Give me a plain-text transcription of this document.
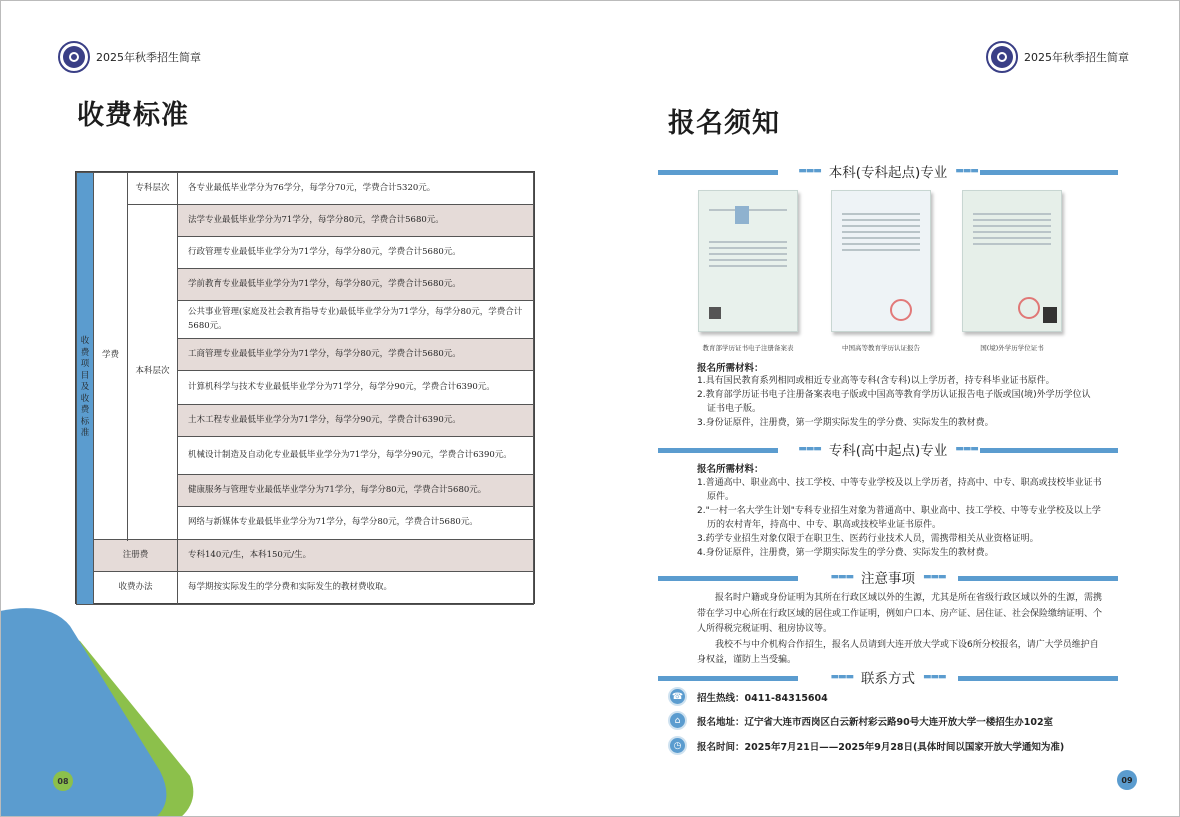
2025年秋季招生简章
收费标准
收费项目及收费标准	学费	专科层次	各专业最低毕业学分为76学分，每学分70元，学费合计5320元。
		本科层次	法学专业最低毕业学分为71学分，每学分80元，学费合计5680元。
			行政管理专业最低毕业学分为71学分，每学分80元，学费合计5680元。
			学前教育专业最低毕业学分为71学分，每学分80元，学费合计5680元。
			公共事业管理(家庭及社会教育指导专业)最低毕业学分为71学分，每学分80元，学费合计5680元。
			工商管理专业最低毕业学分为71学分，每学分80元，学费合计5680元。
			计算机科学与技术专业最低毕业学分为71学分，每学分90元，学费合计6390元。
			土木工程专业最低毕业学分为71学分，每学分90元，学费合计6390元。
			机械设计制造及自动化专业最低毕业学分为71学分，每学分90元，学费合计6390元。
			健康服务与管理专业最低毕业学分为71学分，每学分80元，学费合计5680元。
			网络与新媒体专业最低毕业学分为71学分，每学分80元，学费合计5680元。

	注册费		专科140元/生，本科150元/生。
	收费办法		每学期按实际发生的学分费和实际发生的教材费收取。
08
2025年秋季招生简章
报名须知
09
▬▬▬ 本科(专科起点)专业 ▬▬▬
教育部学历证书电子注册备案表	中国高等教育学历认证报告	国(境)外学历学位证书
报名所需材料：

1.具有国民教育系列相同或相近专业高等专科(含专科)以上学历者，持专科毕业证书原件。

2.教育部学历证书电子注册备案表电子版或中国高等教育学历认证报告电子版或国(境)外学历学位认证书电子版。

3.身份证原件，注册费，第一学期实际发生的学分费、实际发生的教材费。

▬▬▬ 专科(高中起点)专业 ▬▬▬
报名所需材料：

1.普通高中、职业高中、技工学校、中等专业学校及以上学历者，持高中、中专、职高或技校毕业证书原件。

2."一村一名大学生计划"专科专业招生对象为普通高中、职业高中、技工学校、中等专业学校及以上学历的农村青年，持高中、中专、职高或技校毕业证书原件。

3.药学专业招生对象仅限于在职卫生、医药行业技术人员，需携带相关从业资格证明。

4.身份证原件，注册费，第一学期实际发生的学分费、实际发生的教材费。

▬▬▬ 注意事项 ▬▬▬

报名时户籍或身份证明为其所在行政区域以外的生源，尤其是所在省级行政区域以外的生源，需携带在学习中心所在行政区域的居住或工作证明，例如户口本、房产证、居住证、社会保险缴纳证明、个人所得税完税证明、租房协议等。

我校不与中介机构合作招生，报名人员请到大连开放大学或下设6所分校报名，请广大学员维护自身权益，谨防上当受骗。

▬▬▬ 联系方式 ▬▬▬
☎	招生热线：0411-84315604
⌂	报名地址：辽宁省大连市西岗区白云新村彩云路90号大连开放大学一楼招生办102室
◷	报名时间：2025年7月21日——2025年9月28日(具体时间以国家开放大学通知为准)
